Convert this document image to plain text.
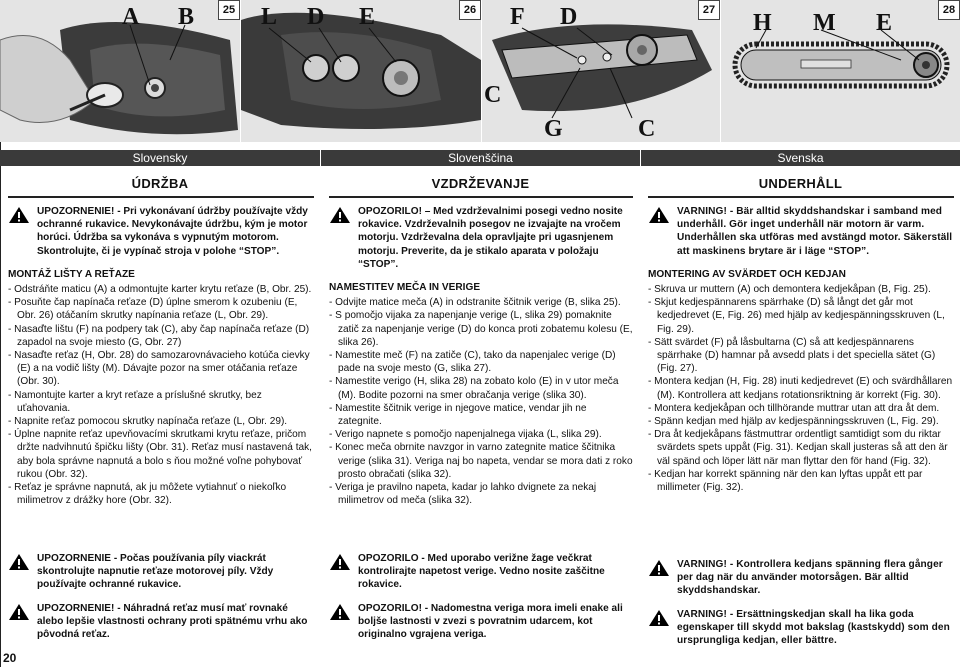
A B	25 L D E	26 F D
C
G	C
27 H M E	28
Slovensky	Slovenščina	Svenska
ÚDRŽBA	VZDRŽEVANJE	UNDERHÅLL
UPOZORNENIE! - Pri vykonávaní údržby používajte vždy ochranné rukavice. Nevykonávajte údržbu, kým je motor horúci. Údržba sa vykonáva s vypnutým motorom. Skontrolujte, či je vypínač stroja v polohe “STOP”.
MONTÁŽ LIŠTY A REŤAZE
- Odstráňte maticu (A) a odmontujte karter krytu reťaze (B, Obr. 25).
- Posuňte čap napínača reťaze (D) úplne smerom k ozubeniu (E, Obr. 26) otáčaním skrutky napínania reťaze (L, Obr. 29).
- Nasaďte lištu (F) na podpery tak (C), aby čap napínača reťaze (D) zapadol na svoje miesto (G, Obr. 27)
- Nasaďte reťaz (H, Obr. 28) do samozarovnávacieho kotúča cievky (E) a na vodič lišty (M). Dávajte pozor na smer otáčania reťaze (Obr. 30).
- Namontujte karter a kryt reťaze a príslušné skrutky, bez uťahovania.
- Napnite reťaz pomocou skrutky napínača reťaze (L, Obr. 29).
- Úplne napnite reťaz upevňovacími skrutkami krytu reťaze, pričom držte nadvihnutú špičku lišty (Obr. 31). Reťaz musí nastavená tak, aby bola správne napnutá a bolo s ňou možné voľne pohybovať rukou (Obr. 32).
- Reťaz je správne napnutá, ak ju môžete vytiahnuť o niekoľko milimetrov z drážky hore (Obr. 32).
UPOZORNENIE - Počas používania píly viackrát skontrolujte napnutie reťaze motorovej píly. Vždy používajte ochranné rukavice.
UPOZORNENIE! - Náhradná reťaz musí mať rovnaké alebo lepšie vlastnosti ochrany proti spätnému vrhu ako pôvodná reťaz.
OPOZORILO! – Med vzdrževalnimi posegi vedno nosite rokavice. Vzdrževalnih posegov ne izvajajte na vročem motorju. Vzdrževalna dela opravljajte pri ugasnjenem motorju. Preverite, da je stikalo aparata v položaju “STOP”.
NAMESTITEV MEČA IN VERIGE
- Odvijte matice meča (A) in odstranite ščitnik verige (B, slika 25).
- S pomočjo vijaka za napenjanje verige (L, slika 29) pomaknite zatič za napenjanje verige (D) do konca proti zobatemu kolesu (E, slika 26).
- Namestite meč (F) na zatiče (C), tako da napenjalec verige (D) pade na svoje mesto (G, slika 27).
- Namestite verigo (H, slika 28) na zobato kolo (E) in v utor meča (M). Bodite pozorni na smer obračanja verige (slika 30).
- Namestite ščitnik verige in njegove matice, vendar jih ne zategnite.
- Verigo napnete s pomočjo napenjalnega vijaka (L, slika 29).
- Konec meča obrnite navzgor in varno zategnite matice ščitnika verige (slika 31). Veriga naj bo napeta, vendar se mora dati z roko prosto obračati (slika 32).
- Veriga je pravilno napeta, kadar jo lahko dvignete za nekaj milimetrov od meča (slika 32).
OPOZORILO - Med uporabo verižne žage večkrat kontrolirajte napetost verige. Vedno nosite zaščitne rokavice.
OPOZORILO! - Nadomestna veriga mora imeli enake ali boljše lastnosti v zvezi s povratnim udarcem, kot originalno vgrajena veriga.
VARNING! - Bär alltid skyddshandskar i samband med underhåll. Gör inget underhåll när motorn är varm. Underhållen ska utföras med avstängd motor. Säkerställ att maskinens brytare är i läge “STOP”.
MONTERING AV SVÄRDET OCH KEDJAN
- Skruva ur muttern (A) och demontera kedjekåpan (B, Fig. 25).
- Skjut kedjespännarens spärrhake (D) så långt det går mot kedjedrevet (E, Fig. 26) med hjälp av kedjespänningsskruven (L, Fig. 29).
- Sätt svärdet (F) på låsbultarna (C) så att kedjespännarens spärrhake (D) hamnar på avsedd plats i det speciella sätet (G) (Fig. 27).
- Montera kedjan (H, Fig. 28) inuti kedjedrevet (E) och svärdhållaren (M). Kontrollera att kedjans rotationsriktning är korrekt (Fig. 30).
- Montera kedjekåpan och tillhörande muttrar utan att dra åt dem.
- Spänn kedjan med hjälp av kedjespänningsskruven (L, Fig. 29).
- Dra åt kedjekåpans fästmuttrar ordentligt samtidigt som du riktar svärdets spets uppåt (Fig. 31). Kedjan skall justeras så att den är väl spänd och löper lätt när man flyttar den för hand (Fig. 32).
- Kedjan har korrekt spänning när den kan lyftas uppåt ett par millimeter (Fig. 32).
VARNING! - Kontrollera kedjans spänning flera gånger per dag när du använder motorsågen. Bär alltid skyddshandskar.
VARNING! - Ersättningskedjan skall ha lika goda egenskaper till skydd mot bakslag (kastskydd) som den ursprungliga kedjan, eller bättre.
20
